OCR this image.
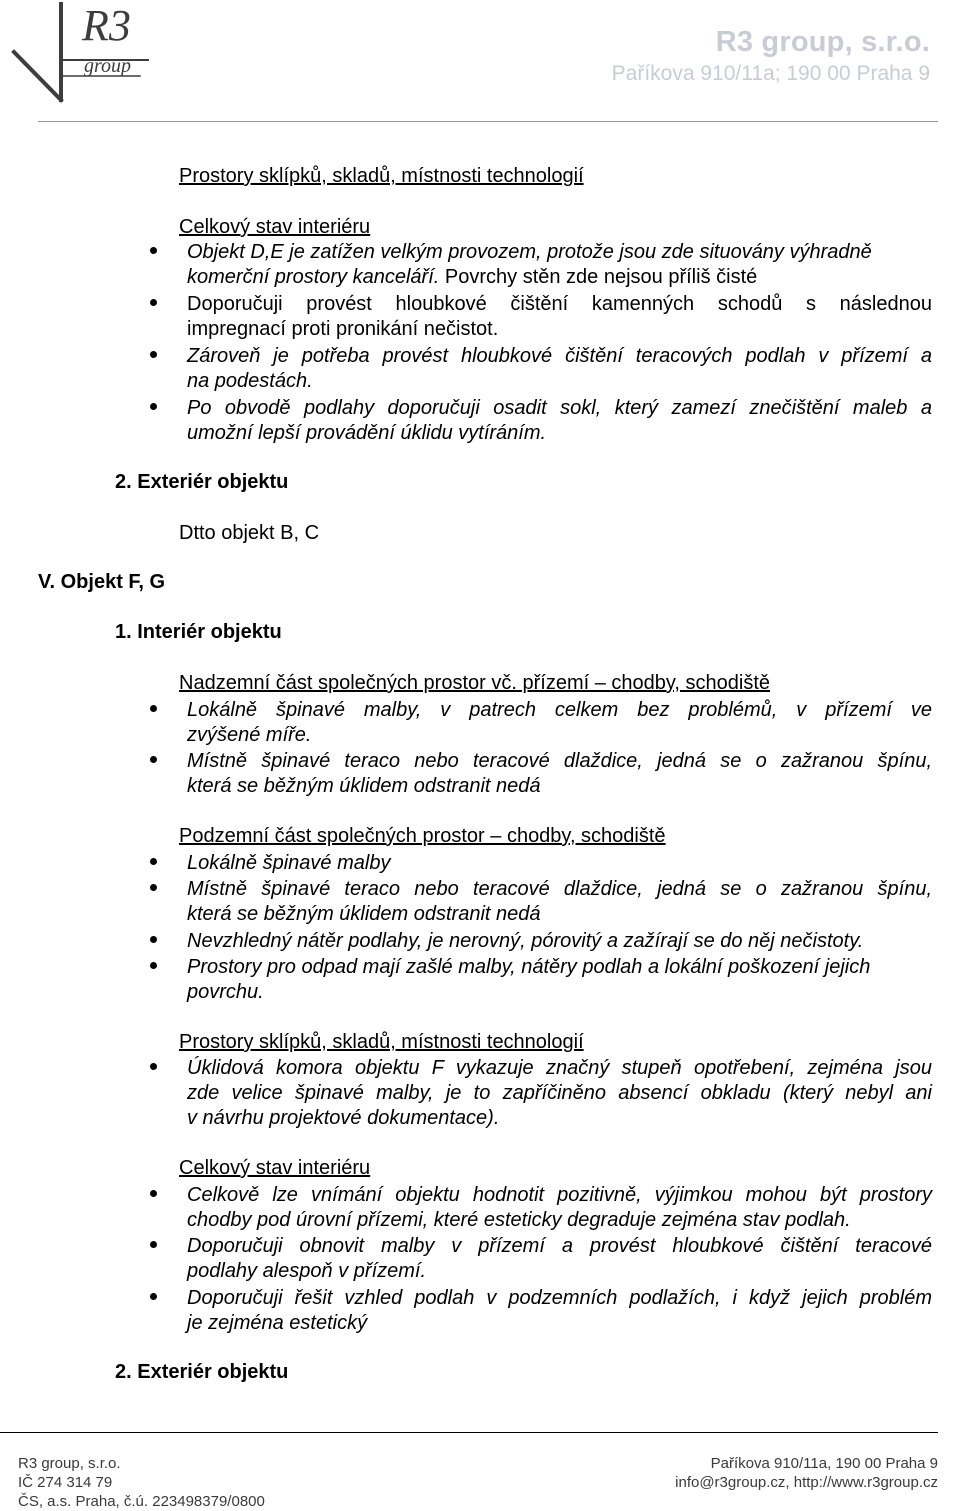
R3
group
R3 group, s.r.o.
Paříkova 910/11a; 190 00 Praha 9
Prostory sklípků, skladů, místnosti technologií
Celkový stav interiéru
Objekt D,E je zatížen velkým provozem, protože jsou zde situovány výhradně
komerční prostory kanceláří. Povrchy stěn zde nejsou příliš čisté
Doporučuji provést hloubkové čištění kamenných schodů s následnou
impregnací proti pronikání nečistot.
Zároveň je potřeba provést hloubkové čištění teracových podlah v přízemí a
na podestách.
Po obvodě podlahy doporučuji osadit sokl, který zamezí znečištění maleb a
umožní lepší provádění úklidu vytíráním.
2. Exteriér objektu
Dtto objekt B, C
V. Objekt F, G
1. Interiér objektu
Nadzemní část společných prostor vč. přízemí – chodby, schodiště
Lokálně špinavé malby, v patrech celkem bez problémů, v přízemí ve
zvýšené míře.
Místně špinavé teraco nebo teracové dlaždice, jedná se o zažranou špínu,
která se běžným úklidem odstranit nedá
Podzemní část společných prostor – chodby, schodiště
Lokálně špinavé malby
Místně špinavé teraco nebo teracové dlaždice, jedná se o zažranou špínu,
která se běžným úklidem odstranit nedá
Nevzhledný nátěr podlahy, je nerovný, pórovitý a zažírají se do něj nečistoty.
Prostory pro odpad mají zašlé malby, nátěry podlah a lokální poškození jejich
povrchu.
Prostory sklípků, skladů, místnosti technologií
Úklidová komora objektu F vykazuje značný stupeň opotřebení, zejména jsou
zde velice špinavé malby, je to zapříčiněno absencí obkladu (který nebyl ani
v návrhu projektové dokumentace).
Celkový stav interiéru
Celkově lze vnímání objektu hodnotit pozitivně, výjimkou mohou být prostory
chodby pod úrovní přízemi, které esteticky degraduje zejména stav podlah.
Doporučuji obnovit malby v přízemí a provést hloubkové čištění teracové
podlahy alespoň v přízemí.
Doporučuji řešit vzhled podlah v podzemních podlažích, i když jejich problém
je zejména estetický
2. Exteriér objektu
R3 group, s.r.o.
IČ 274 314 79
ČS, a.s. Praha, č.ú. 223498379/0800
Paříkova 910/11a, 190 00 Praha 9
info@r3group.cz, http://www.r3group.cz
